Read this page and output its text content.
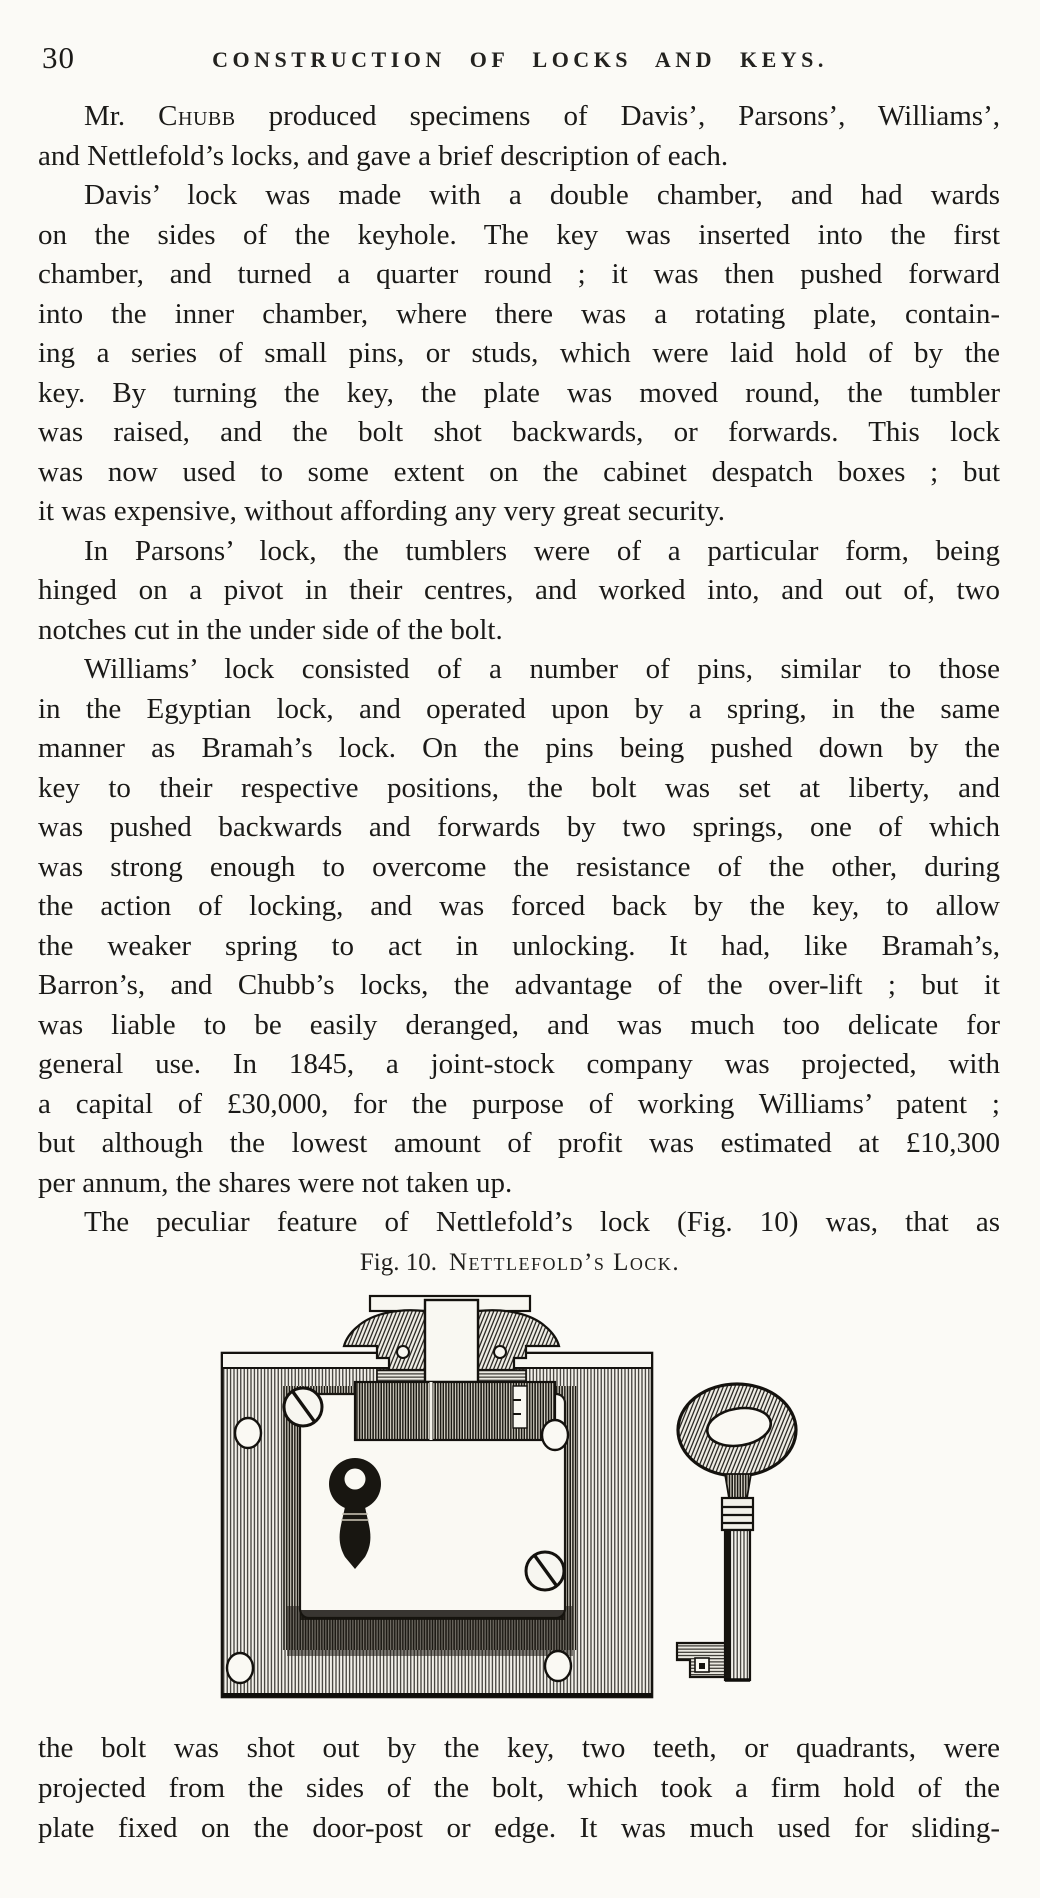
30	CONSTRUCTION OF LOCKS AND KEYS.
Mr. Chubb produced specimens of Davis’, Parsons’, Williams’,
and Nettlefold’s locks, and gave a brief description of each.
Davis’ lock was made with a double chamber, and had wards
on the sides of the keyhole. The key was inserted into the first
chamber, and turned a quarter round ; it was then pushed forward
into the inner chamber, where there was a rotating plate, contain-
ing a series of small pins, or studs, which were laid hold of by the
key. By turning the key, the plate was moved round, the tumbler
was raised, and the bolt shot backwards, or forwards. This lock
was now used to some extent on the cabinet despatch boxes ; but
it was expensive, without affording any very great security.
In Parsons’ lock, the tumblers were of a particular form, being
hinged on a pivot in their centres, and worked into, and out of, two
notches cut in the under side of the bolt.
Williams’ lock consisted of a number of pins, similar to those
in the Egyptian lock, and operated upon by a spring, in the same
manner as Bramah’s lock. On the pins being pushed down by the
key to their respective positions, the bolt was set at liberty, and
was pushed backwards and forwards by two springs, one of which
was strong enough to overcome the resistance of the other, during
the action of locking, and was forced back by the key, to allow
the weaker spring to act in unlocking. It had, like Bramah’s,
Barron’s, and Chubb’s locks, the advantage of the over-lift ; but it
was liable to be easily deranged, and was much too delicate for
general use. In 1845, a joint-stock company was projected, with
a capital of £30,000, for the purpose of working Williams’ patent ;
but although the lowest amount of profit was estimated at £10,300
per annum, the shares were not taken up.
The peculiar feature of Nettlefold’s lock (Fig. 10) was, that as
Fig. 10. Nettlefold’s Lock.
the bolt was shot out by the key, two teeth, or quadrants, were
projected from the sides of the bolt, which took a firm hold of the
plate fixed on the door-post or edge. It was much used for sliding-
